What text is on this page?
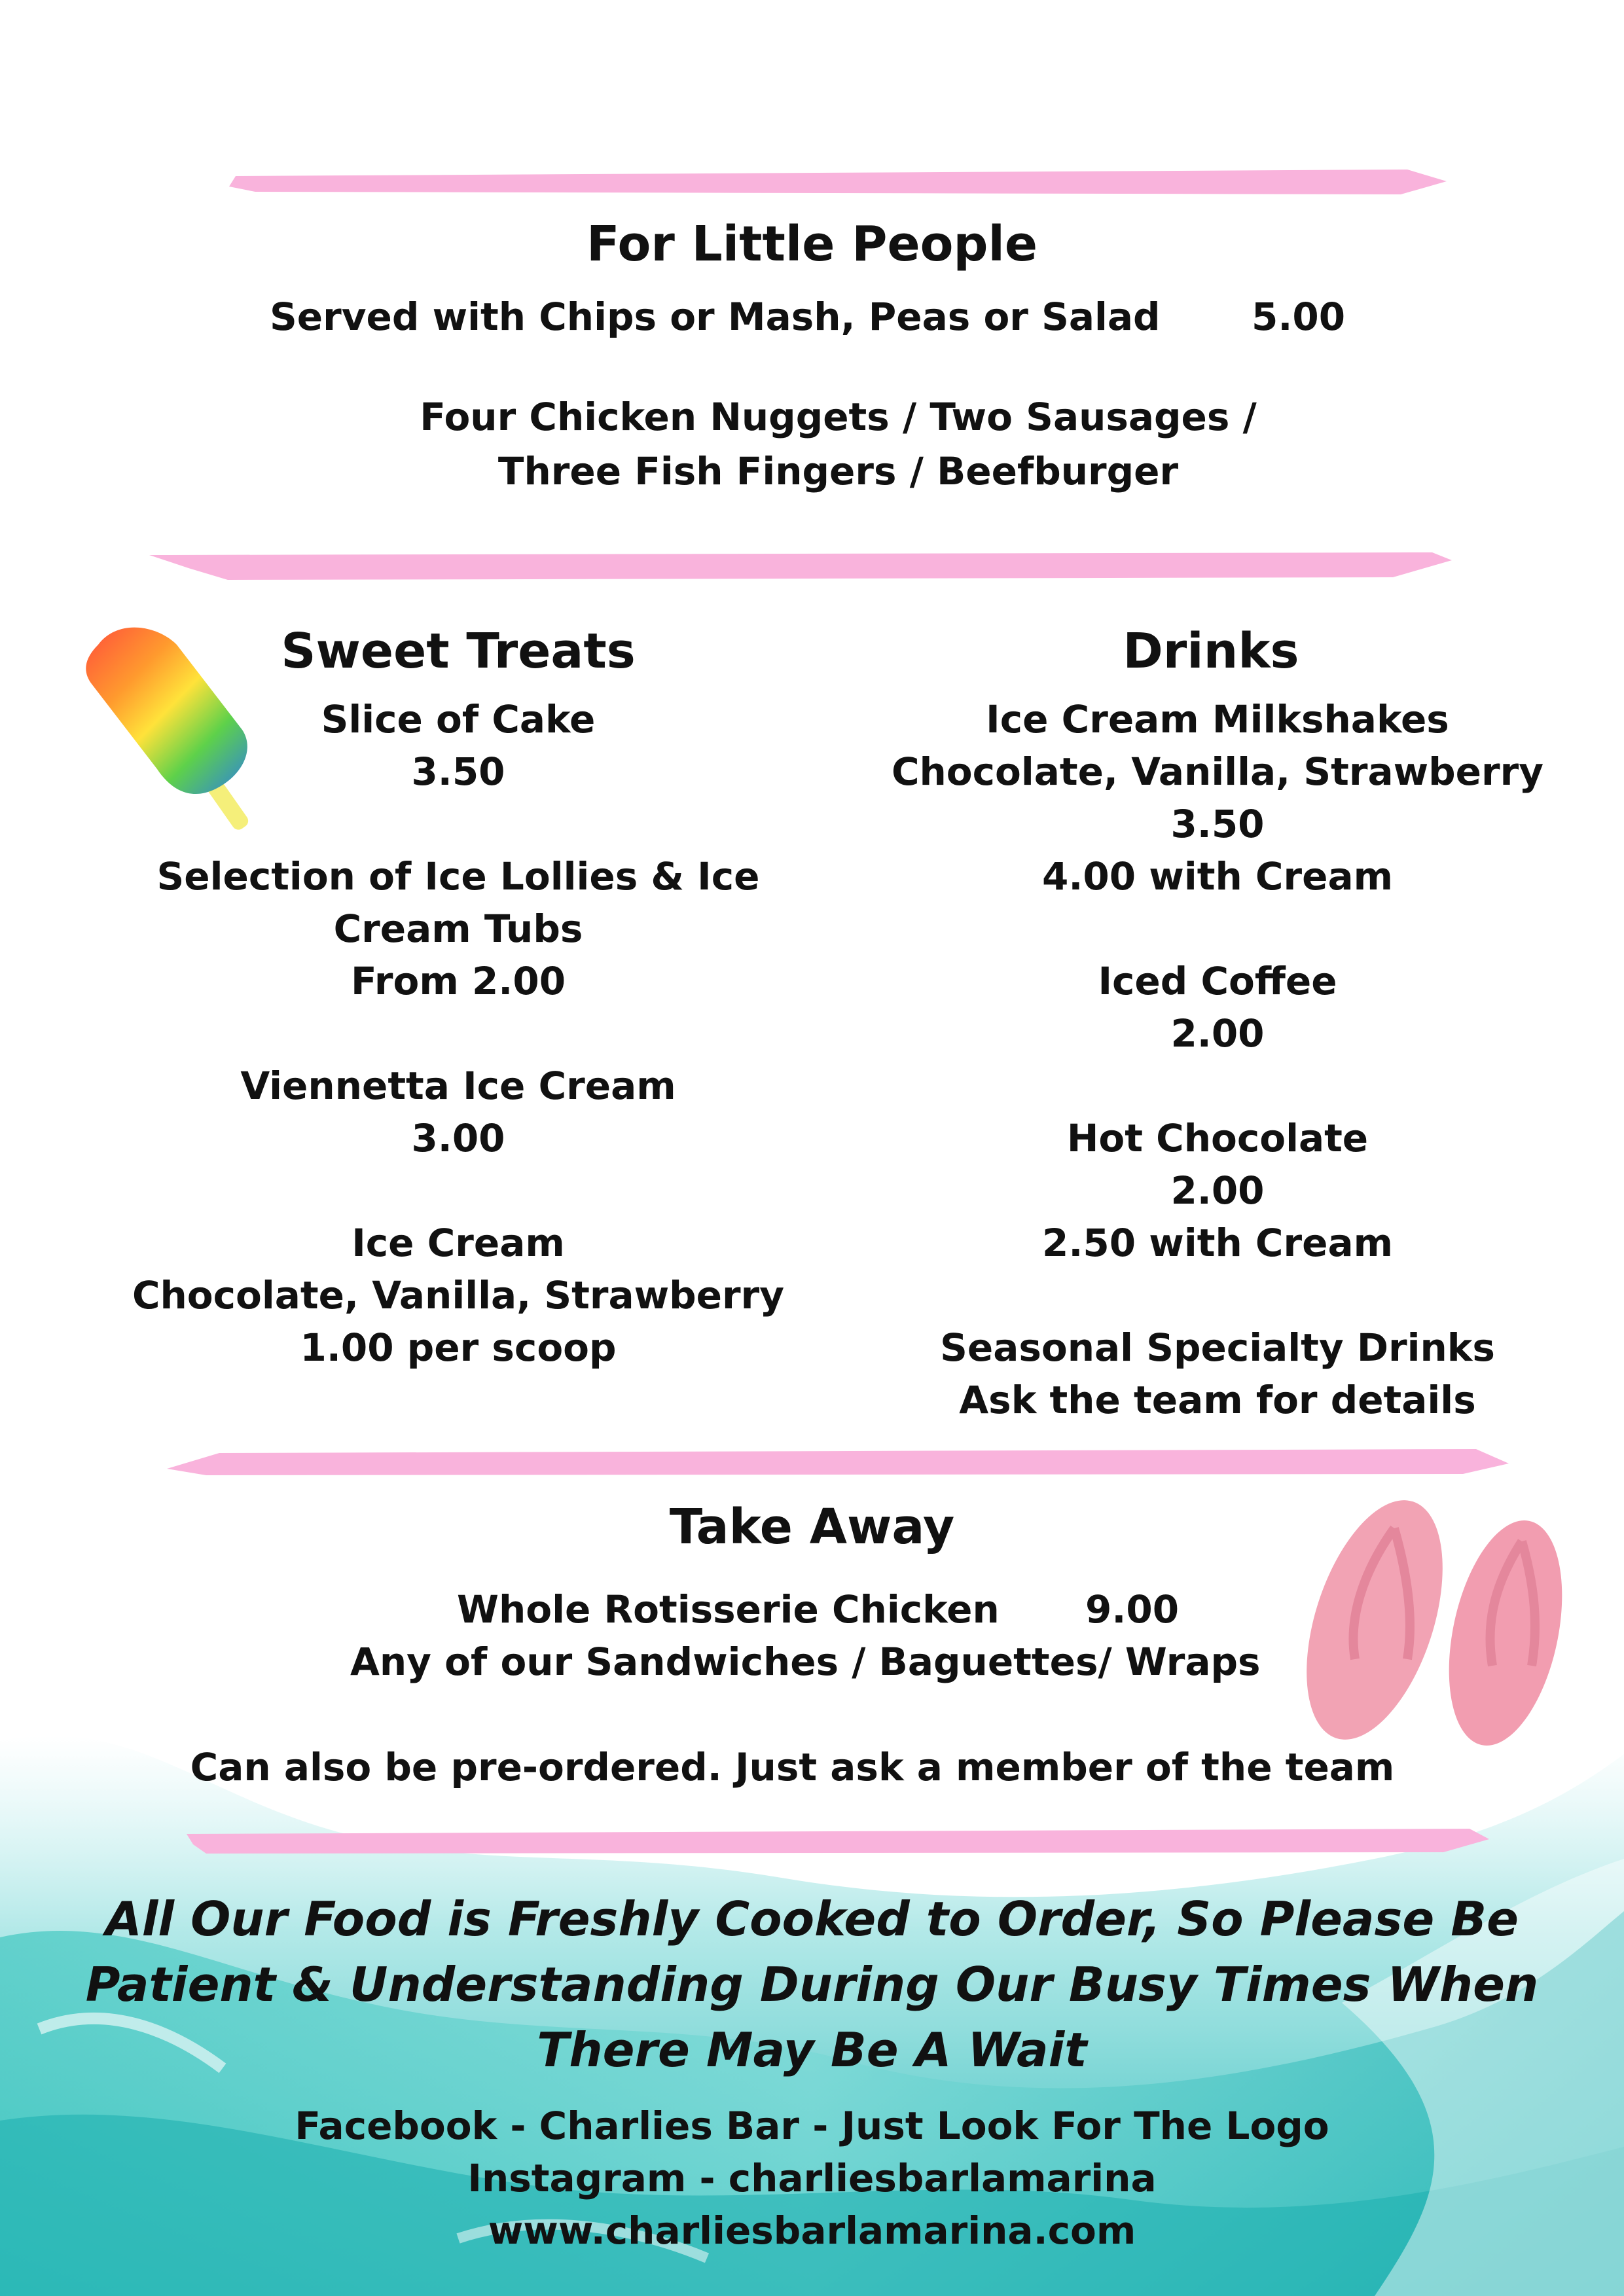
For Little People
Served with Chips or Mash, Peas or Salad 5.00
Four Chicken Nuggets / Two Sausages /
Three Fish Fingers / Beefburger
Sweet Treats
Slice of Cake
3.50
Selection of Ice Lollies & Ice
Cream Tubs
From 2.00
Viennetta Ice Cream
3.00
Ice Cream
Chocolate, Vanilla, Strawberry
1.00 per scoop
Drinks
Ice Cream Milkshakes
Chocolate, Vanilla, Strawberry
3.50
4.00 with Cream
Iced Coffee
2.00
Hot Chocolate
2.00
2.50 with Cream
Seasonal Specialty Drinks
Ask the team for details
Take Away
Whole Rotisserie Chicken 9.00
Any of our Sandwiches / Baguettes/ Wraps
Can also be pre-ordered. Just ask a member of the team
All Our Food is Freshly Cooked to Order, So Please Be
Patient & Understanding During Our Busy Times When
There May Be A Wait
Facebook - Charlies Bar - Just Look For The Logo
Instagram - charliesbarlamarina
www.charliesbarlamarina.com
